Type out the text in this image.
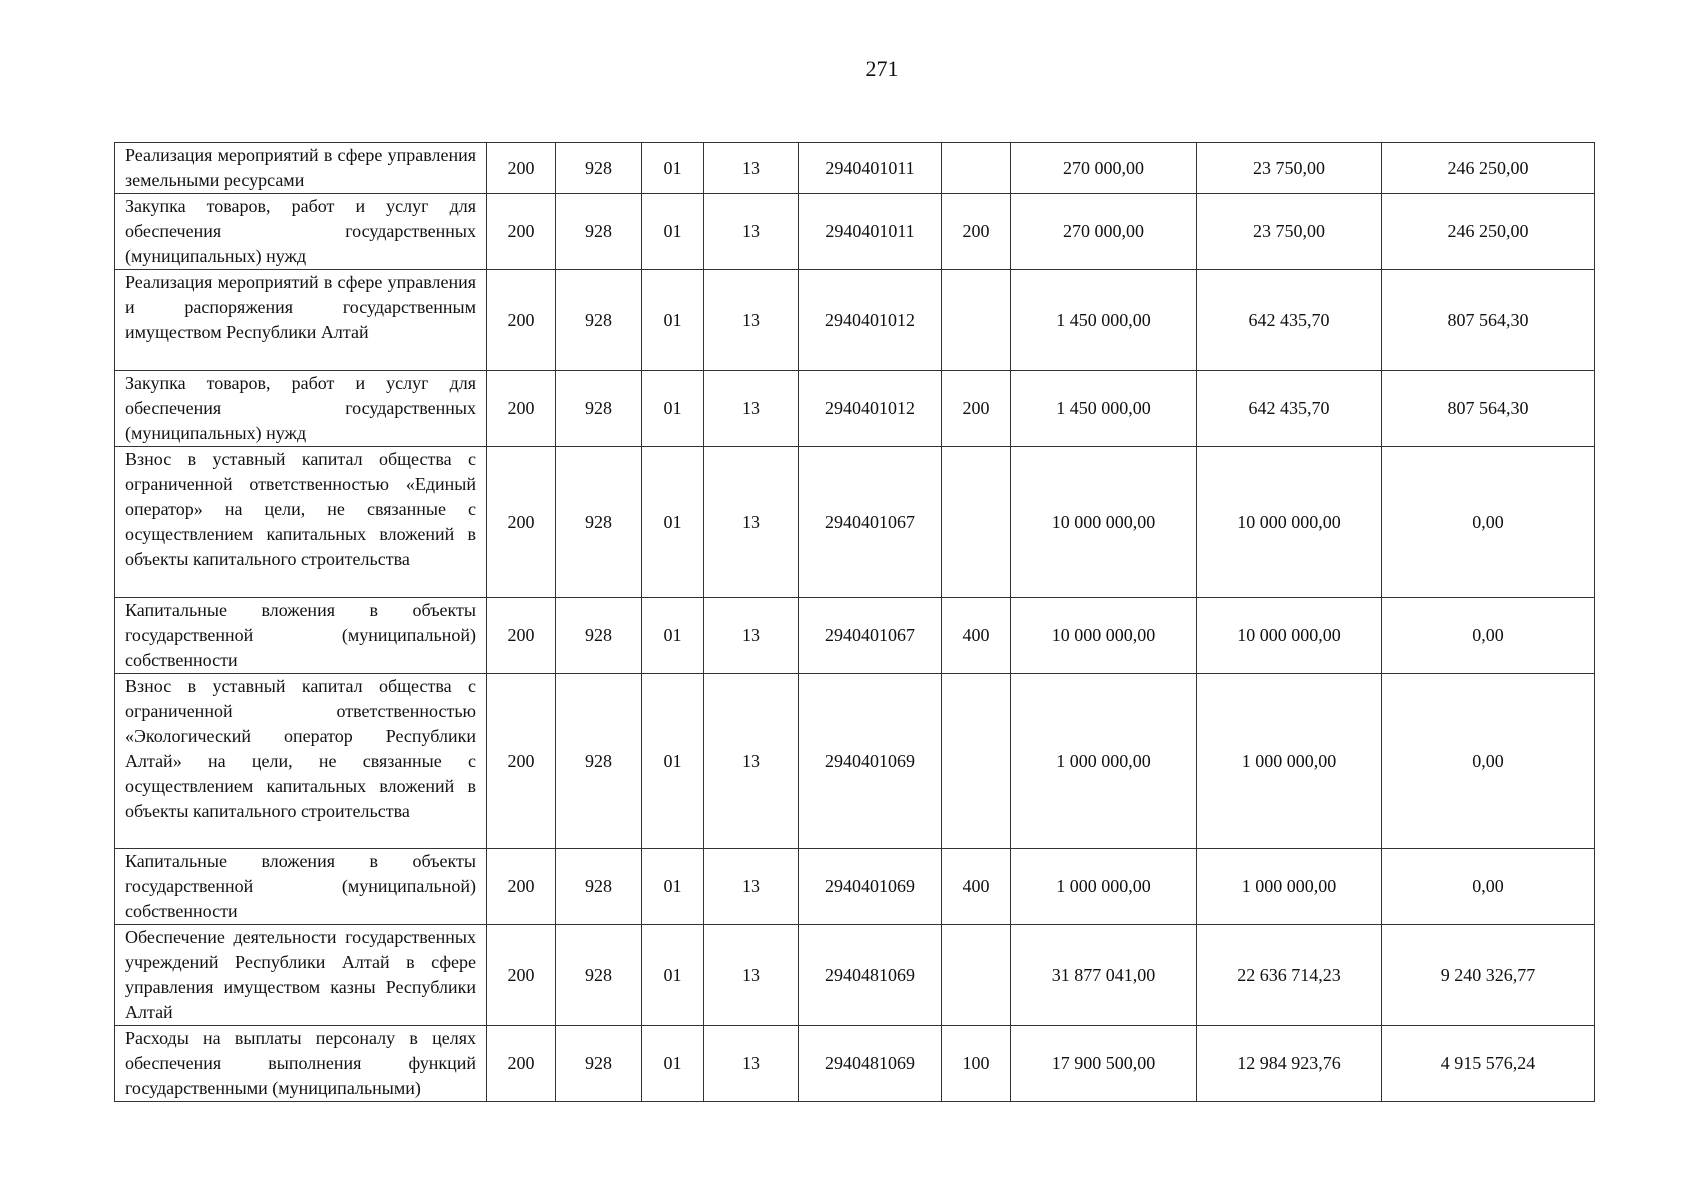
271
Реализация мероприятий в сфере управления земельными ресурсами	200	928	01	13	2940401011		270 000,00	23 750,00	246 250,00
Закупка товаров, работ и услуг для обеспечения государственных (муниципальных) нужд	200	928	01	13	2940401011	200	270 000,00	23 750,00	246 250,00
Реализация мероприятий в сфере управления и распоряжения государственным имуществом Республики Алтай	200	928	01	13	2940401012		1 450 000,00	642 435,70	807 564,30
Закупка товаров, работ и услуг для обеспечения государственных (муниципальных) нужд	200	928	01	13	2940401012	200	1 450 000,00	642 435,70	807 564,30
Взнос в уставный капитал общества с ограниченной ответственностью «Единый оператор» на цели, не связанные с осуществлением капитальных вложений в объекты капитального строительства	200	928	01	13	2940401067		10 000 000,00	10 000 000,00	0,00
Капитальные вложения в объекты государственной (муниципальной) собственности	200	928	01	13	2940401067	400	10 000 000,00	10 000 000,00	0,00
Взнос в уставный капитал общества с ограниченной ответственностью «Экологический оператор Республики Алтай» на цели, не связанные с осуществлением капитальных вложений в объекты капитального строительства	200	928	01	13	2940401069		1 000 000,00	1 000 000,00	0,00
Капитальные вложения в объекты государственной (муниципальной) собственности	200	928	01	13	2940401069	400	1 000 000,00	1 000 000,00	0,00
Обеспечение деятельности государственных учреждений Республики Алтай в сфере управления имуществом казны Республики Алтай	200	928	01	13	2940481069		31 877 041,00	22 636 714,23	9 240 326,77
Расходы на выплаты персоналу в целях обеспечения выполнения функций государственными (муниципальными)	200	928	01	13	2940481069	100	17 900 500,00	12 984 923,76	4 915 576,24
